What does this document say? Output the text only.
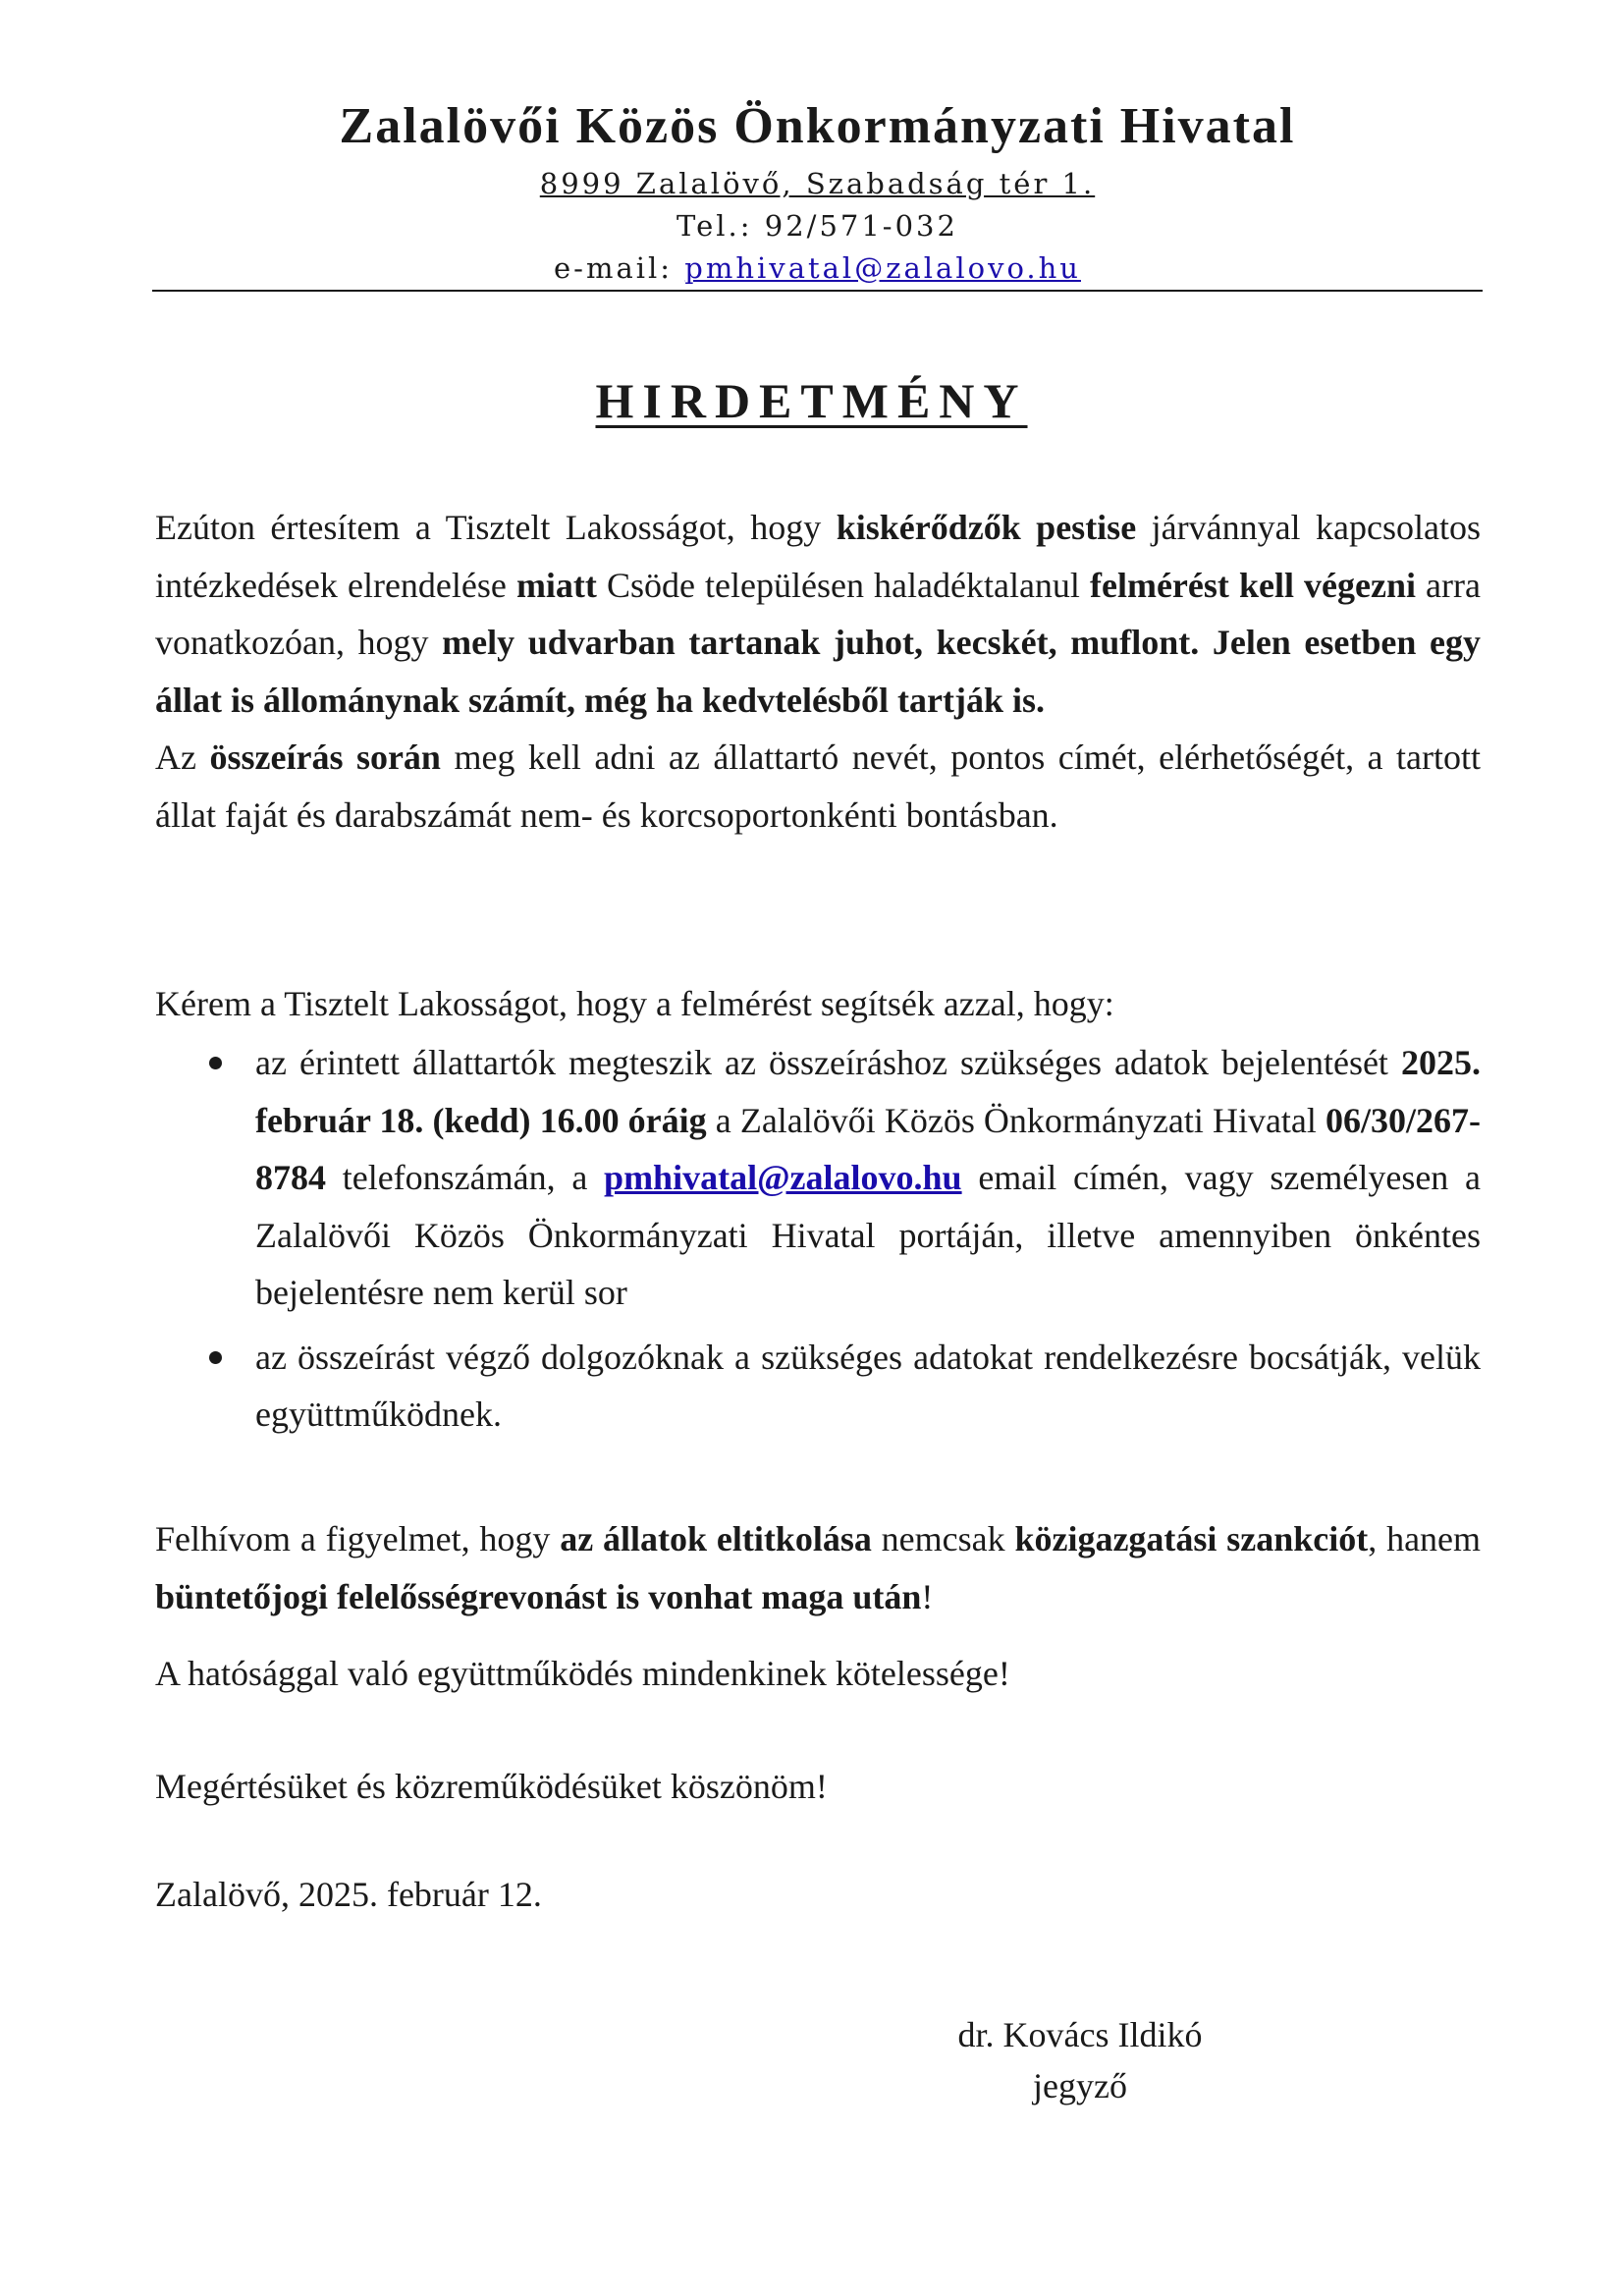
Zalalövői Közös Önkormányzati Hivatal

8999 Zalalövő, Szabadság tér 1.

Tel.: 92/571-032

e-mail: pmhivatal@zalalovo.hu

HIRDETMÉNY

Ezúton értesítem a Tisztelt Lakosságot, hogy kiskérődzők pestise járvánnyal kapcsolatos intézkedések elrendelése miatt Csöde településen haladéktalanul felmérést kell végezni arra vonatkozóan, hogy mely udvarban tartanak juhot, kecskét, muflont. Jelen esetben egy állat is állománynak számít, még ha kedvtelésből tartják is.
Az összeírás során meg kell adni az állattartó nevét, pontos címét, elérhetőségét, a tartott állat faját és darabszámát nem- és korcsoportonkénti bontásban.
Kérem a Tisztelt Lakosságot, hogy a felmérést segítsék azzal, hogy:
az érintett állattartók megteszik az összeíráshoz szükséges adatok bejelentését 2025. február 18. (kedd) 16.00 óráig a Zalalövői Közös Önkormányzati Hivatal 06/30/267-8784 telefonszámán, a pmhivatal@zalalovo.hu email címén, vagy személyesen a Zalalövői Közös Önkormányzati Hivatal portáján, illetve amennyiben önkéntes bejelentésre nem kerül sor
az összeírást végző dolgozóknak a szükséges adatokat rendelkezésre bocsátják, velük együttműködnek.
Felhívom a figyelmet, hogy az állatok eltitkolása nemcsak közigazgatási szankciót, hanem büntetőjogi felelősségrevonást is vonhat maga után!
A hatósággal való együttműködés mindenkinek kötelessége!
Megértésüket és közreműködésüket köszönöm!
Zalalövő, 2025. február 12.
dr. Kovács Ildikó
jegyző
